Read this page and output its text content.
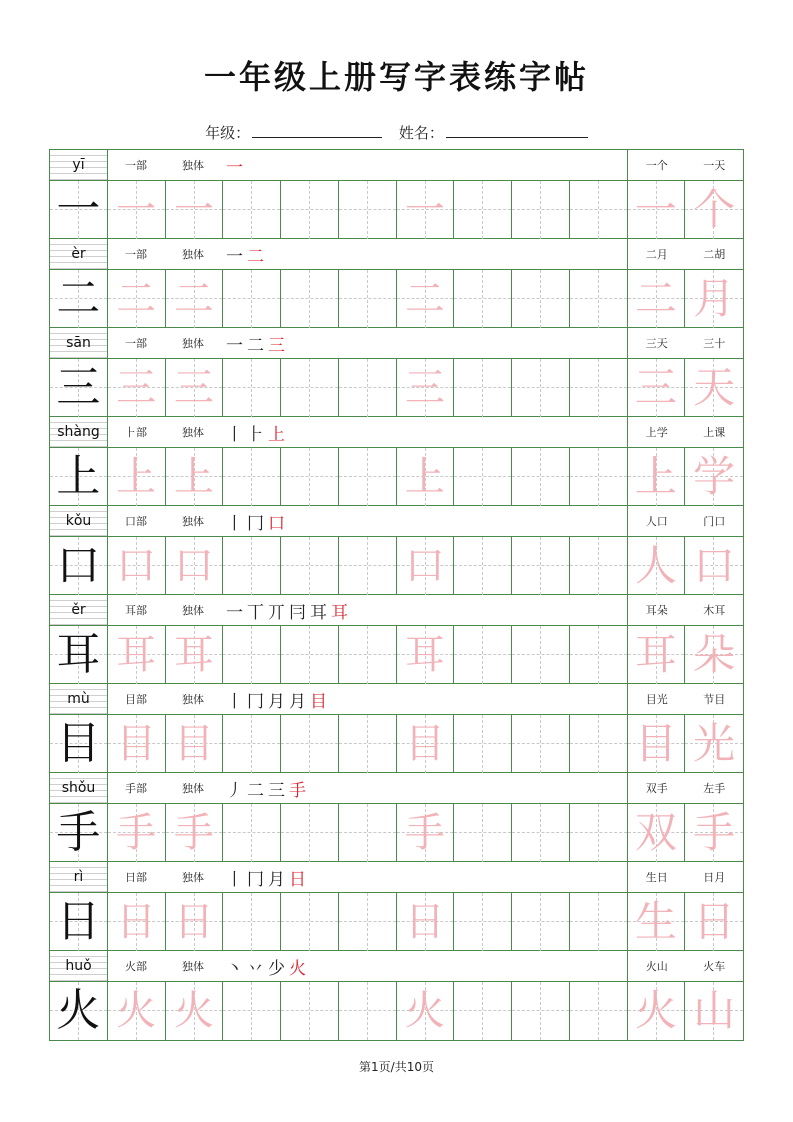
一年级上册写字表练字帖
年级：	姓名：
yī	一部	独体	一	一个	一天
一 一 一	一	一 个
èr	一部	独体	一 二	二月	二胡
二 二 二	二	二 月
sān	一部	独体	一 二 三	三天	三十
三 三 三	三	三 天
shàng	⺊部	独体	丨 ⺊ 上	上学	上课
上 上 上	上	上 学
kǒu	口部	独体	丨 冂 口	人口	门口
口 口 口	口	人 口
ěr	耳部	独体	一 丅 丌 冃 耳 耳	耳朵	木耳
耳 耳 耳	耳	耳 朵
mù	目部	独体	丨 冂 月 月 目	目光	节目
目 目 目	目	目 光
shǒu	手部	独体	丿 二 三 手	双手	左手
手 手 手	手	双 手
rì	日部	独体	丨 冂 月 日	生日	日月
日 日 日	日	生 日
huǒ	火部	独体	丶 丷 少 火	火山	火车
火 火 火	火	火 山
第1页/共10页
